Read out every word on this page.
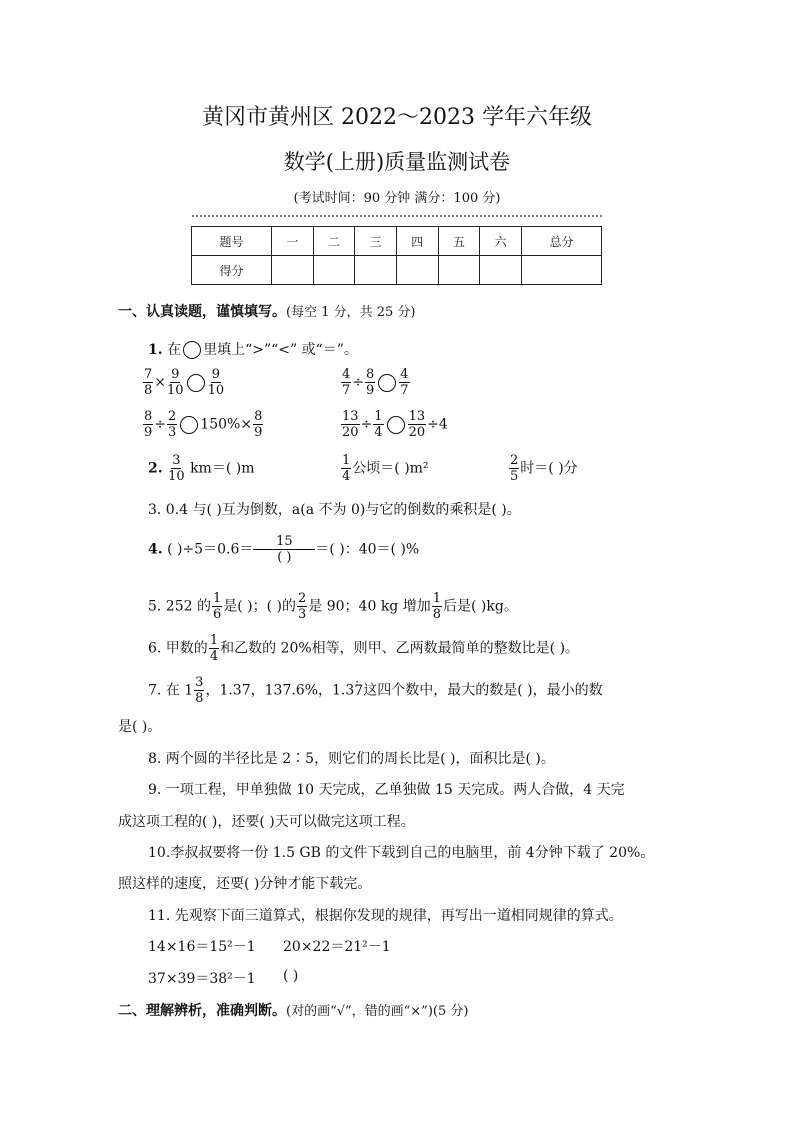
黄冈市黄州区 2022～2023 学年六年级
数学(上册)质量监测试卷
(考试时间：90 分钟 满分：100 分)
题号	一	二	三	四	五	六	总分
得分							
一、认真读题，谨慎填写。(每空 1 分，共 25 分)
1. 在 里填上“>”“<” 或“＝”。
$\frac{7}{8} \times \frac{9}{10} \frac{9}{10}$	$\frac{4}{7} \div \frac{8}{9} \frac{4}{7}$
$\frac{8}{9} \div \frac{2}{3} 150\%\times \frac{8}{9}$	$\frac{13}{20} \div \frac{1}{4} \frac{13}{20} \div 4$
2. $\frac{3}{10} km=$( )m	$\frac{1}{4}$ 公顷＝( )m²	$\frac{2}{5}$ 时＝( )分
3. 0.4 与( )互为倒数，a(a 不为 0)与它的倒数的乘积是( )。
4. ( )$\div 5=0.6= \frac{15}{( )}$ ＝( )：40＝( )%
5. 252 的 $\frac{1}{6}$ 是( )；( )的 $\frac{2}{3}$ 是 90；40 kg 增加 $\frac{1}{8}$ 后是( )kg。
6. 甲数的 $\frac{1}{4}$ 和乙数的 20%相等，则甲、乙两数最简单的整数比是( )。
7. 在 $1 \frac{3}{8}$ ，1.37，137.6%，1.3· 7这四个数中，最大的数是( )，最小的数
是( )。
8. 两个圆的半径比是 2∶5，则它们的周长比是( )，面积比是( )。
9. 一项工程，甲单独做 10 天完成，乙单独做 15 天完成。两人合做，4 天完
成这项工程的( )，还要( )天可以做完这项工程。
10.李叔叔要将一份 1.5 GB 的文件下载到自己的电脑里，前 4分钟下载了 20%。
照这样的速度，还要( )分钟才能下载完。
11. 先观察下面三道算式，根据你发现的规律，再写出一道相同规律的算式。
14×16＝15²－1 20×22＝21²－1
37×39＝38²－1 ( )
二、理解辨析，准确判断。(对的画“√”，错的画“×”)(5 分)
